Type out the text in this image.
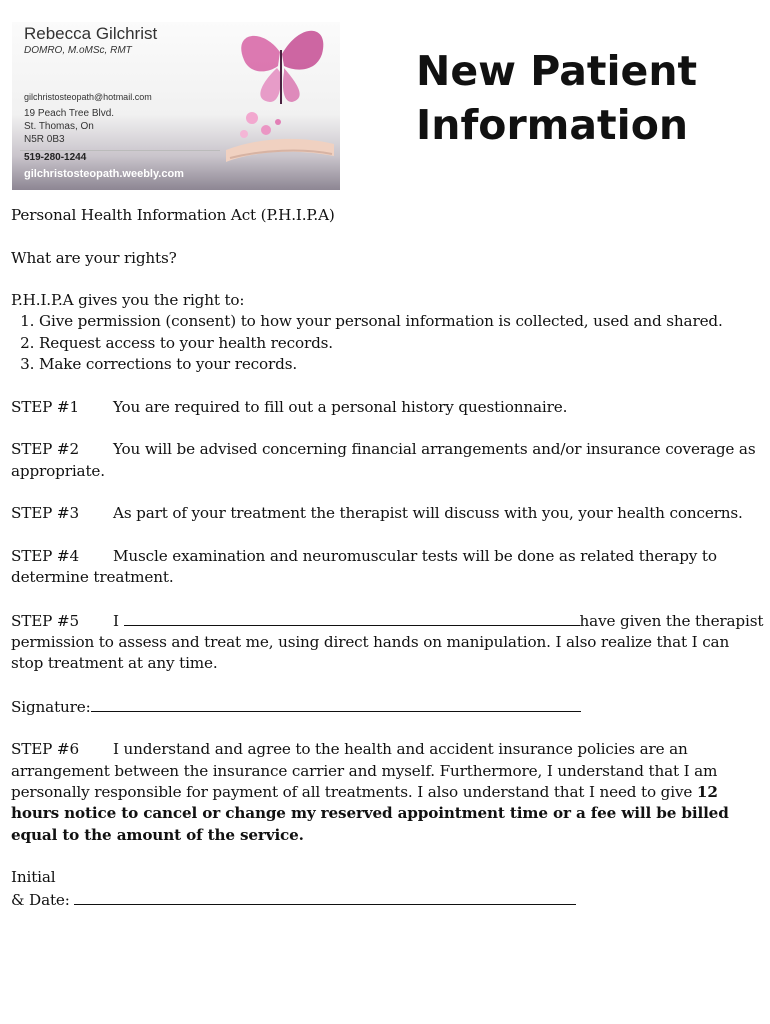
Rebecca Gilchrist
DOMRO, M.oMSc, RMT
gilchristosteopath@hotmail.com
19 Peach Tree Blvd.
St. Thomas, On
N5R 0B3
519-280-1244
gilchristosteopath.weebly.com
New Patient
Information

Personal Health Information Act (P.H.I.P.A)

What are your rights?

P.H.I.P.A gives you the right to:
1. Give permission (consent) to how your personal information is collected, used and shared.
2. Request access to your health records.
3. Make corrections to your records.

STEP #1 You are required to fill out a personal history questionnaire.

STEP #2 You will be advised concerning financial arrangements and/or insurance coverage as appropriate.

STEP #3 As part of your treatment the therapist will discuss with you, your health concerns.

STEP #4 Muscle examination and neuromuscular tests will be done as related therapy to determine treatment.

STEP #5 I	have given the therapist permission to assess and treat me, using direct hands on manipulation. I also realize that I can stop treatment at any time.

Signature:

STEP #6 I understand and agree to the health and accident insurance policies are an arrangement between the insurance carrier and myself. Furthermore, I understand that I am personally responsible for payment of all treatments. I also understand that I need to give 12 hours notice to cancel or change my reserved appointment time or a fee will be billed equal to the amount of the service.

Initial
& Date:
